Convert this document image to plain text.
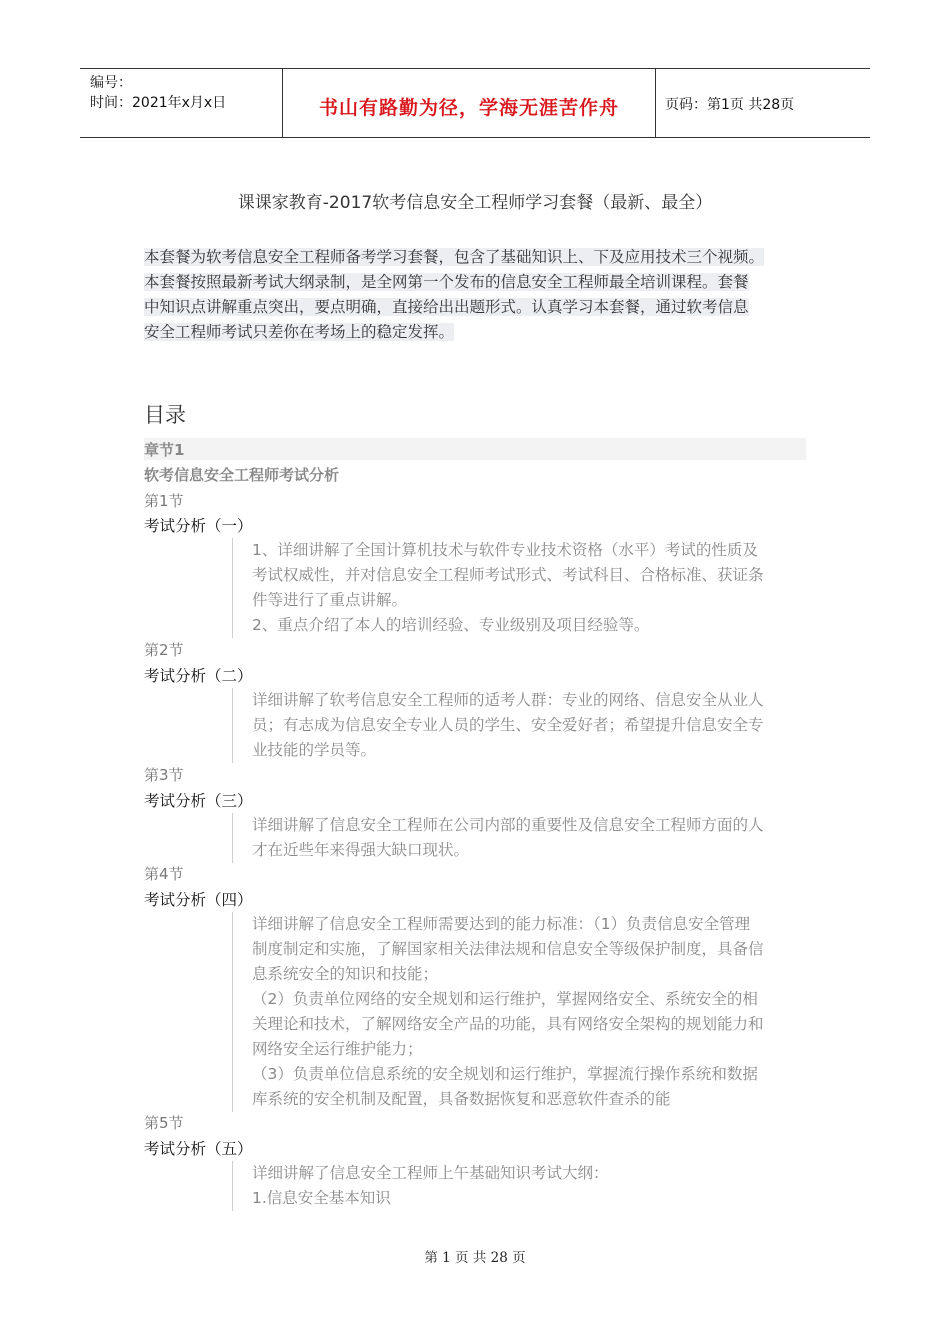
编号：
时间：2021年x月x日	书山有路勤为径，学海无涯苦作舟	页码：第1页 共28页
课课家教育-2017软考信息安全工程师学习套餐（最新、最全）
本套餐为软考信息安全工程师备考学习套餐，包含了基础知识上、下及应用技术三个视频。
本套餐按照最新考试大纲录制，是全网第一个发布的信息安全工程师最全培训课程。套餐
中知识点讲解重点突出，要点明确，直接给出出题形式。认真学习本套餐，通过软考信息
安全工程师考试只差你在考场上的稳定发挥。
目录
章节1
软考信息安全工程师考试分析
第1节
考试分析（一）
1、详细讲解了全国计算机技术与软件专业技术资格（水平）考试的性质及
考试权威性，并对信息安全工程师考试形式、考试科目、合格标准、获证条
件等进行了重点讲解。
2、重点介绍了本人的培训经验、专业级别及项目经验等。
第2节
考试分析（二）
详细讲解了软考信息安全工程师的适考人群：专业的网络、信息安全从业人
员；有志成为信息安全专业人员的学生、安全爱好者；希望提升信息安全专
业技能的学员等。
第3节
考试分析（三）
详细讲解了信息安全工程师在公司内部的重要性及信息安全工程师方面的人
才在近些年来得强大缺口现状。
第4节
考试分析（四）
详细讲解了信息安全工程师需要达到的能力标准：（1）负责信息安全管理
制度制定和实施，了解国家相关法律法规和信息安全等级保护制度，具备信
息系统安全的知识和技能；
（2）负责单位网络的安全规划和运行维护，掌握网络安全、系统安全的相
关理论和技术，了解网络安全产品的功能，具有网络安全架构的规划能力和
网络安全运行维护能力；
（3）负责单位信息系统的安全规划和运行维护，掌握流行操作系统和数据
库系统的安全机制及配置，具备数据恢复和恶意软件查杀的能
第5节
考试分析（五）
详细讲解了信息安全工程师上午基础知识考试大纲：
1.信息安全基本知识
第 1 页 共 28 页
